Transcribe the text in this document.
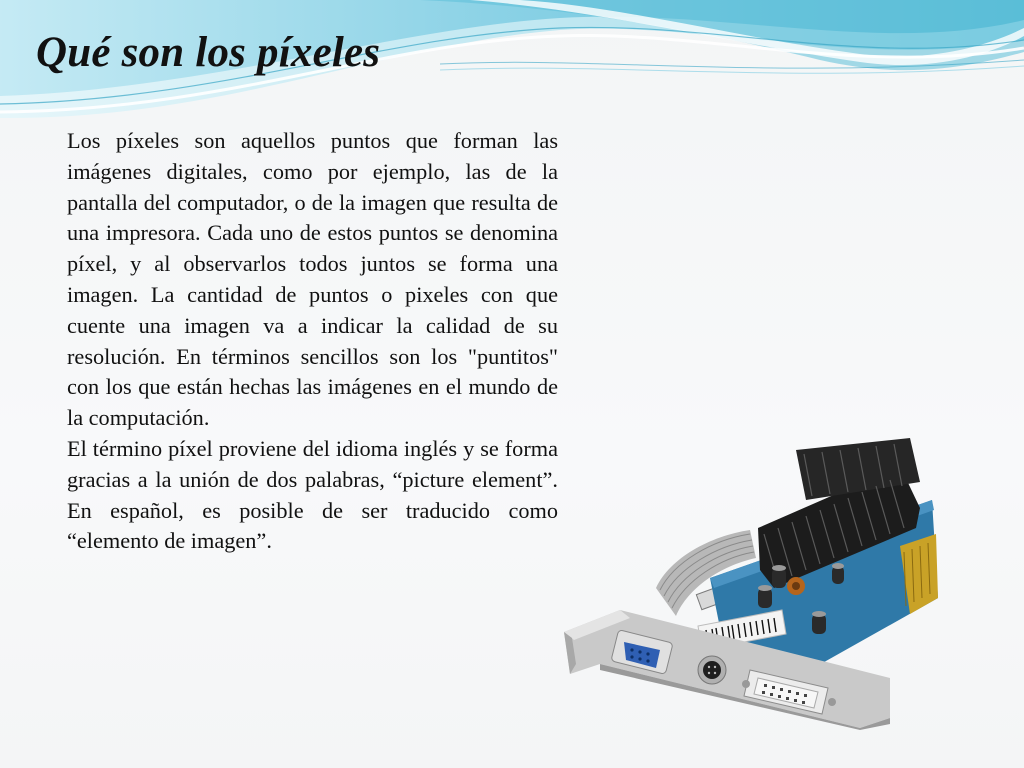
Qué son los píxeles

Los píxeles son aquellos puntos que forman las imágenes digitales, como por ejemplo, las de la pantalla del computador, o de la imagen que resulta de una impresora. Cada uno de estos puntos se denomina píxel, y al observarlos todos juntos se forma una imagen. La cantidad de puntos o pixeles con que cuente una imagen va a indicar la calidad de su resolución. En términos sencillos son los "puntitos" con los que están hechas las imágenes en el mundo de la computación.

El término píxel proviene del idioma inglés y se forma gracias a la unión de dos palabras, “picture element”. En español, es posible de ser traducido como “elemento de imagen”.
